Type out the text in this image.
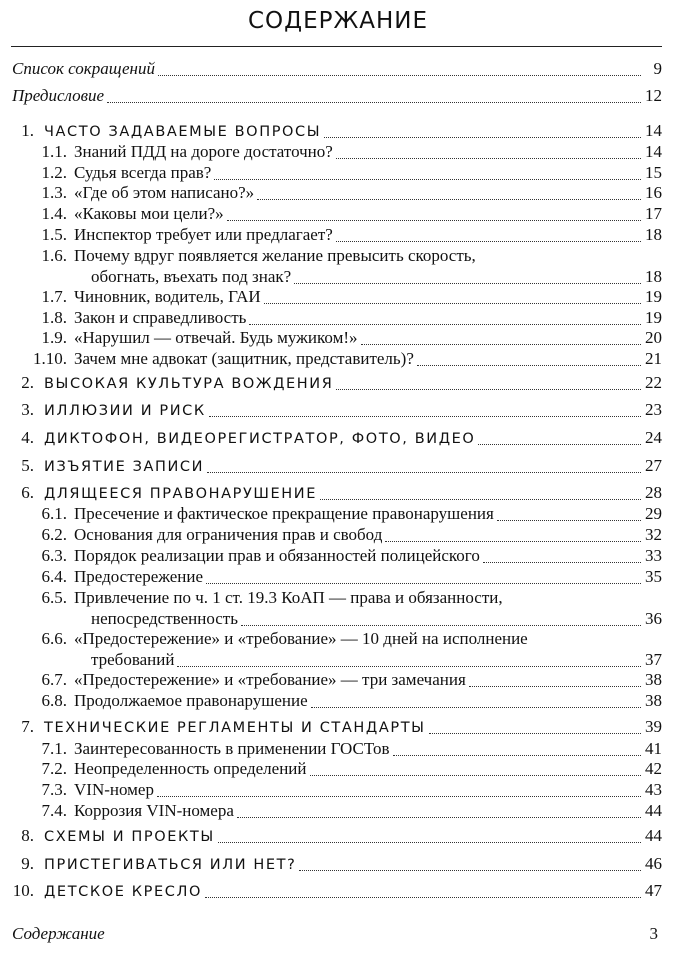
СОДЕРЖАНИЕ
Список сокращений	9
Предисловие	12
1. ЧАСТО ЗАДАВАЕМЫЕ ВОПРОСЫ	14
1.1. Знаний ПДД на дороге достаточно?	14
1.2. Судья всегда прав?	15
1.3. «Где об этом написано?»	16
1.4. «Каковы мои цели?»	17
1.5. Инспектор требует или предлагает?	18
1.6. Почему вдруг появляется желание превысить скорость,
обогнать, въехать под знак?	18
1.7. Чиновник, водитель, ГАИ	19
1.8. Закон и справедливость	19
1.9. «Нарушил — отвечай. Будь мужиком!»	20
1.10. Зачем мне адвокат (защитник, представитель)?	21
2. ВЫСОКАЯ КУЛЬТУРА ВОЖДЕНИЯ	22
3. ИЛЛЮЗИИ И РИСК	23
4. ДИКТОФОН, ВИДЕОРЕГИСТРАТОР, ФОТО, ВИДЕО	24
5. ИЗЪЯТИЕ ЗАПИСИ	27
6. ДЛЯЩЕЕСЯ ПРАВОНАРУШЕНИЕ	28
6.1. Пресечение и фактическое прекращение правонарушения	29
6.2. Основания для ограничения прав и свобод	32
6.3. Порядок реализации прав и обязанностей полицейского	33
6.4. Предостережение	35
6.5. Привлечение по ч. 1 ст. 19.3 КоАП — права и обязанности,
непосредственность	36
6.6. «Предостережение» и «требование» — 10 дней на исполнение
требований	37
6.7. «Предостережение» и «требование» — три замечания	38
6.8. Продолжаемое правонарушение	38
7. ТЕХНИЧЕСКИЕ РЕГЛАМЕНТЫ И СТАНДАРТЫ	39
7.1. Заинтересованность в применении ГОСТов	41
7.2. Неопределенность определений	42
7.3. VIN-номер	43
7.4. Коррозия VIN-номера	44
8. СХЕМЫ И ПРОЕКТЫ	44
9. ПРИСТЕГИВАТЬСЯ ИЛИ НЕТ?	46
10. ДЕТСКОЕ КРЕСЛО	47
Содержание	3
